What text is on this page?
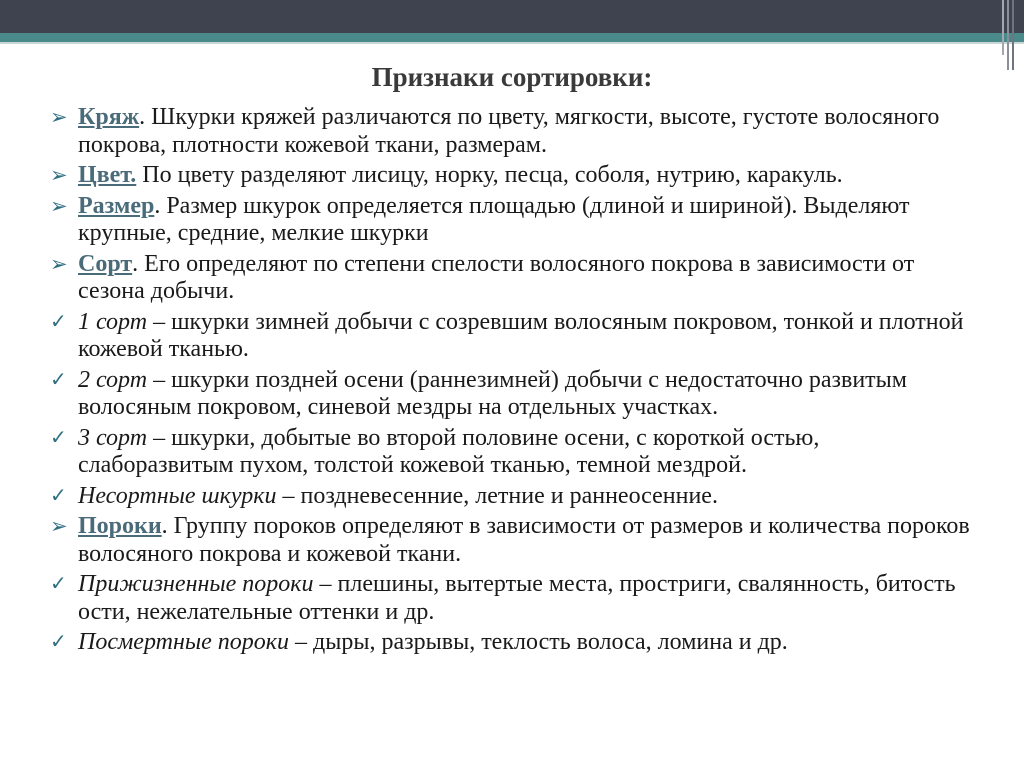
Признаки сортировки:
➢ Кряж. Шкурки кряжей различаются по цвету, мягкости, высоте, густоте волосяного покрова, плотности кожевой ткани, размерам.
➢ Цвет. По цвету разделяют лисицу, норку, песца, соболя, нутрию, каракуль.
➢ Размер. Размер шкурок определяется площадью (длиной и шириной). Выделяют крупные, средние, мелкие шкурки
➢ Сорт. Его определяют по степени спелости волосяного покрова в зависимости от сезона добычи.
✓ 1 сорт – шкурки зимней добычи с созревшим волосяным покровом, тонкой и плотной кожевой тканью.
✓ 2 сорт – шкурки поздней осени (раннезимней) добычи с недостаточно развитым волосяным покровом, синевой мездры на отдельных участках.
✓ 3 сорт – шкурки, добытые во второй половине осени, с короткой остью, слаборазвитым пухом, толстой кожевой тканью, темной мездрой.
✓ Несортные шкурки – поздневесенние, летние и раннеосенние.
➢ Пороки. Группу пороков определяют в зависимости от размеров и количества пороков волосяного покрова и кожевой ткани.
✓ Прижизненные пороки – плешины, вытертые места, простриги, свалянность, битость ости, нежелательные оттенки и др.
✓ Посмертные пороки – дыры, разрывы, теклость волоса, ломина и др.
